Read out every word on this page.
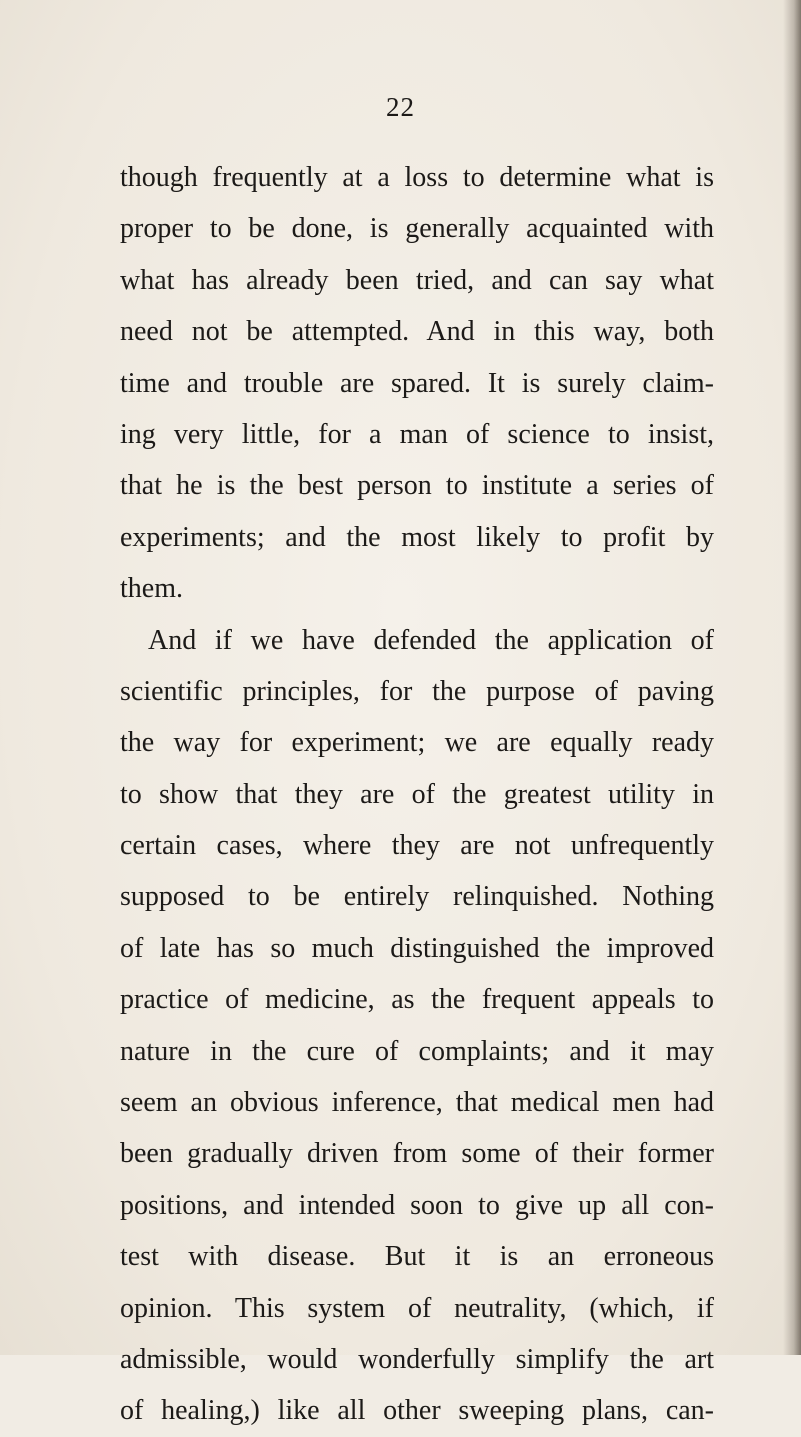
22
though frequently at a loss to determine what is
proper to be done, is generally acquainted with
what has already been tried, and can say what
need not be attempted. And in this way, both
time and trouble are spared. It is surely claim-
ing very little, for a man of science to insist,
that he is the best person to institute a series of
experiments; and the most likely to profit by
them.
And if we have defended the application of
scientific principles, for the purpose of paving
the way for experiment; we are equally ready
to show that they are of the greatest utility in
certain cases, where they are not unfrequently
supposed to be entirely relinquished. Nothing
of late has so much distinguished the improved
practice of medicine, as the frequent appeals to
nature in the cure of complaints; and it may
seem an obvious inference, that medical men had
been gradually driven from some of their former
positions, and intended soon to give up all con-
test with disease. But it is an erroneous
opinion. This system of neutrality, (which, if
admissible, would wonderfully simplify the art
of healing,) like all other sweeping plans, can-
